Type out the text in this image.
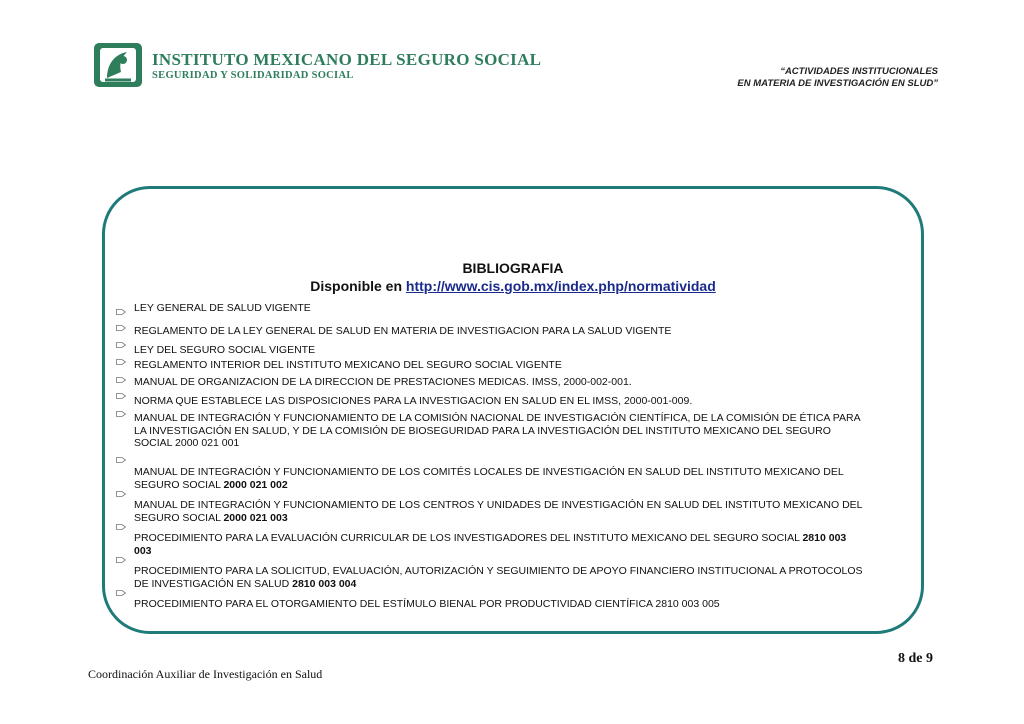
INSTITUTO MEXICANO DEL SEGURO SOCIAL
SEGURIDAD Y SOLIDARIDAD SOCIAL	“ACTIVIDADES INSTITUCIONALES
EN MATERIA DE INVESTIGACIÓN EN SLUD”
BIBLIOGRAFIA
Disponible en http://www.cis.gob.mx/index.php/normatividad
LEY GENERAL DE SALUD VIGENTE
REGLAMENTO DE LA LEY GENERAL DE SALUD EN MATERIA DE INVESTIGACION PARA LA SALUD VIGENTE
LEY DEL SEGURO SOCIAL VIGENTE
REGLAMENTO INTERIOR DEL INSTITUTO MEXICANO DEL SEGURO SOCIAL VIGENTE
MANUAL DE ORGANIZACION DE LA DIRECCION DE PRESTACIONES MEDICAS. IMSS, 2000-002-001.
NORMA QUE ESTABLECE LAS DISPOSICIONES PARA LA INVESTIGACION EN SALUD EN EL IMSS, 2000-001-009.
MANUAL DE INTEGRACIÓN Y FUNCIONAMIENTO DE LA COMISIÓN NACIONAL DE INVESTIGACIÓN CIENTÍFICA, DE LA COMISIÓN DE ÉTICA PARA LA INVESTIGACIÓN EN SALUD, Y DE LA COMISIÓN DE BIOSEGURIDAD PARA LA INVESTIGACIÓN DEL INSTITUTO MEXICANO DEL SEGURO SOCIAL 2000 021 001
MANUAL DE INTEGRACIÓN Y FUNCIONAMIENTO DE LOS COMITÉS LOCALES DE INVESTIGACIÓN EN SALUD DEL INSTITUTO MEXICANO DEL SEGURO SOCIAL 2000 021 002
MANUAL DE INTEGRACIÓN Y FUNCIONAMIENTO DE LOS CENTROS Y UNIDADES DE INVESTIGACIÓN EN SALUD DEL INSTITUTO MEXICANO DEL SEGURO SOCIAL 2000 021 003
PROCEDIMIENTO PARA LA EVALUACIÓN CURRICULAR DE LOS INVESTIGADORES DEL INSTITUTO MEXICANO DEL SEGURO SOCIAL 2810 003 003
PROCEDIMIENTO PARA LA SOLICITUD, EVALUACIÓN, AUTORIZACIÓN Y SEGUIMIENTO DE APOYO FINANCIERO INSTITUCIONAL A PROTOCOLOS DE INVESTIGACIÓN EN SALUD 2810 003 004
PROCEDIMIENTO PARA EL OTORGAMIENTO DEL ESTÍMULO BIENAL POR PRODUCTIVIDAD CIENTÍFICA 2810 003 005
Coordinación Auxiliar de Investigación en Salud
8 de 9
